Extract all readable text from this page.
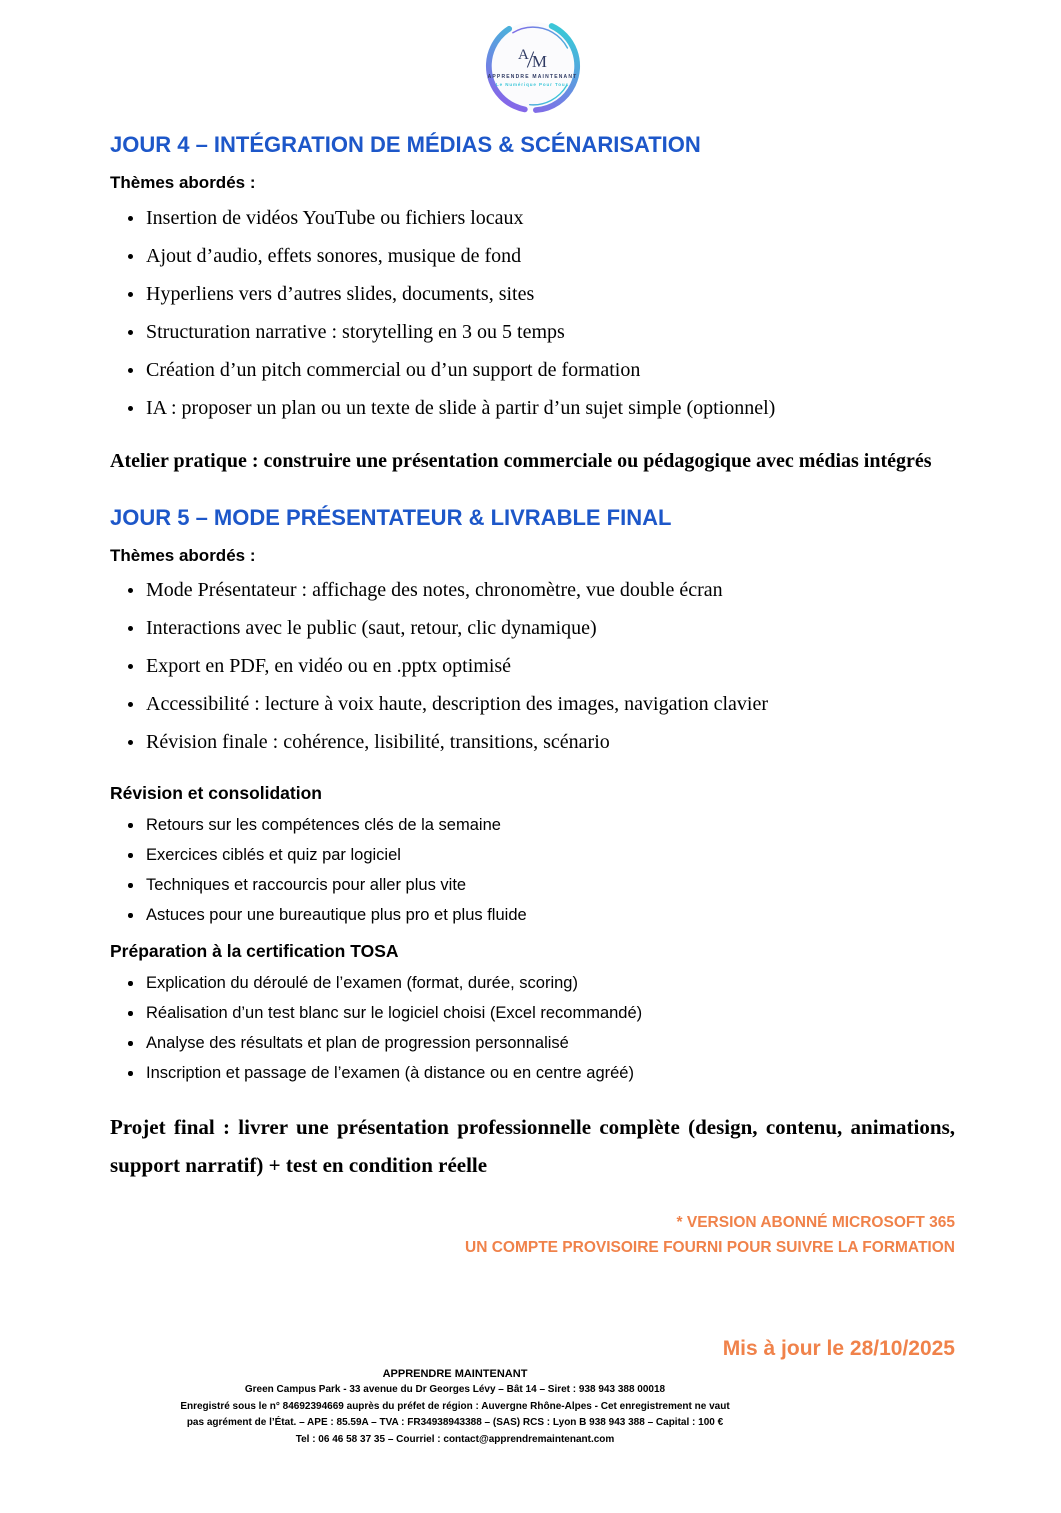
A M
APPRENDRE MAINTENANT
Le Numérique Pour Tous
JOUR 4 – INTÉGRATION DE MÉDIAS & SCÉNARISATION
Thèmes abordés :
Insertion de vidéos YouTube ou fichiers locaux
Ajout d’audio, effets sonores, musique de fond
Hyperliens vers d’autres slides, documents, sites
Structuration narrative : storytelling en 3 ou 5 temps
Création d’un pitch commercial ou d’un support de formation
IA : proposer un plan ou un texte de slide à partir d’un sujet simple (optionnel)

Atelier pratique : construire une présentation commerciale ou pédagogique avec médias intégrés

JOUR 5 – MODE PRÉSENTATEUR & LIVRABLE FINAL
Thèmes abordés :
Mode Présentateur : affichage des notes, chronomètre, vue double écran
Interactions avec le public (saut, retour, clic dynamique)
Export en PDF, en vidéo ou en .pptx optimisé
Accessibilité : lecture à voix haute, description des images, navigation clavier
Révision finale : cohérence, lisibilité, transitions, scénario
Révision et consolidation
Retours sur les compétences clés de la semaine
Exercices ciblés et quiz par logiciel
Techniques et raccourcis pour aller plus vite
Astuces pour une bureautique plus pro et plus fluide
Préparation à la certification TOSA
Explication du déroulé de l’examen (format, durée, scoring)
Réalisation d’un test blanc sur le logiciel choisi (Excel recommandé)
Analyse des résultats et plan de progression personnalisé
Inscription et passage de l’examen (à distance ou en centre agréé)

Projet final : livrer une présentation professionnelle complète (design, contenu, animations, support narratif) + test en condition réelle

* VERSION ABONNÉ MICROSOFT 365
UN COMPTE PROVISOIRE FOURNI POUR SUIVRE LA FORMATION
Mis à jour le 28/10/2025
APPRENDRE MAINTENANT
Green Campus Park - 33 avenue du Dr Georges Lévy – Bât 14 – Siret : 938 943 388 00018
Enregistré sous le n° 84692394669 auprès du préfet de région : Auvergne Rhône-Alpes - Cet enregistrement ne vaut
pas agrément de l’État. – APE : 85.59A – TVA : FR34938943388 – (SAS) RCS : Lyon B 938 943 388 – Capital : 100 €
Tel : 06 46 58 37 35 – Courriel : contact@apprendremaintenant.com
